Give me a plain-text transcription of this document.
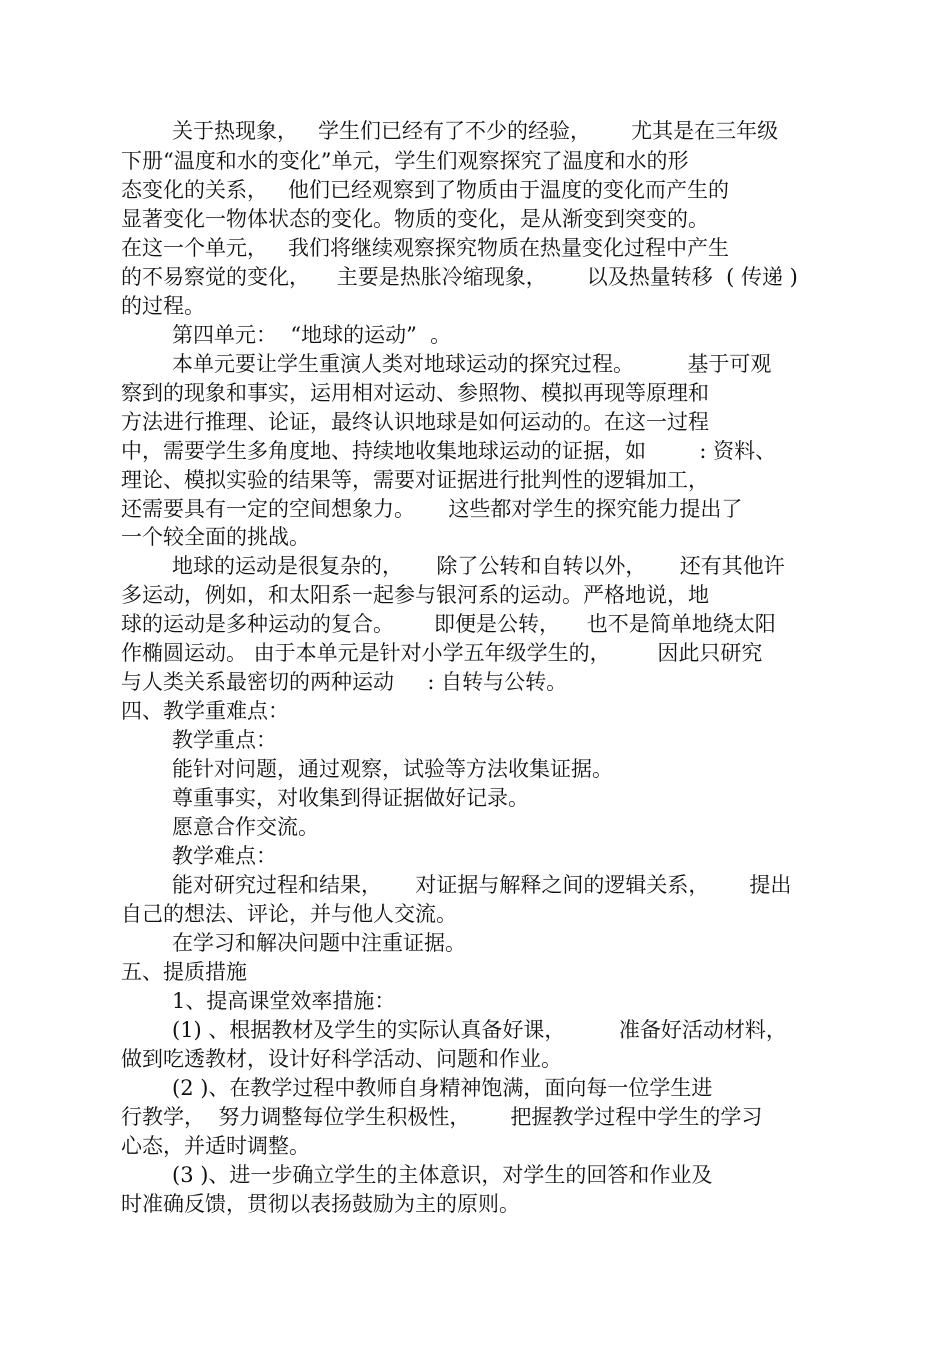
关于热现象，   学生们已经有了不少的经验，      尤其是在三年级
下册“温度和水的变化”单元，学生们观察探究了温度和水的形
态变化的关系，   他们已经观察到了物质由于温度的变化而产生的
显著变化一物体状态的变化。物质的变化，是从渐变到突变的。
在这一个单元，   我们将继续观察探究物质在热量变化过程中产生
的不易察觉的变化，    主要是热胀冷缩现象，      以及热量转移  ( 传递 )
的过程。
第四单元：  “地球的运动”  。
本单元要让学生重演人类对地球运动的探究过程。        基于可观
察到的现象和事实，运用相对运动、参照物、模拟再现等原理和
方法进行推理、论证，最终认识地球是如何运动的。在这一过程
中，需要学生多角度地、持续地收集地球运动的证据，如        : 资料、
理论、模拟实验的结果等，需要对证据进行批判性的逻辑加工，
还需要具有一定的空间想象力。     这些都对学生的探究能力提出了
一个较全面的挑战。
地球的运动是很复杂的，     除了公转和自转以外，     还有其他许
多运动，例如，和太阳系一起参与银河系的运动。严格地说，地
球的运动是多种运动的复合。      即便是公转，    也不是简单地绕太阳
作椭圆运动。 由于本单元是针对小学五年级学生的，       因此只研究
与人类关系最密切的两种运动     : 自转与公转。
四、教学重难点：
教学重点：
能针对问题，通过观察，试验等方法收集证据。
尊重事实，对收集到得证据做好记录。
愿意合作交流。
教学难点：
能对研究过程和结果，     对证据与解释之间的逻辑关系，      提出
自己的想法、评论，并与他人交流。
在学习和解决问题中注重证据。
五、提质措施
1、提高课堂效率措施：
(1) 、根据教材及学生的实际认真备好课，        准备好活动材料，
做到吃透教材，设计好科学活动、问题和作业。
(2 )、在教学过程中教师自身精神饱满，面向每一位学生进
行教学，  努力调整每位学生积极性，      把握教学过程中学生的学习
心态，并适时调整。
(3 )、进一步确立学生的主体意识，对学生的回答和作业及
时准确反馈，贯彻以表扬鼓励为主的原则。
